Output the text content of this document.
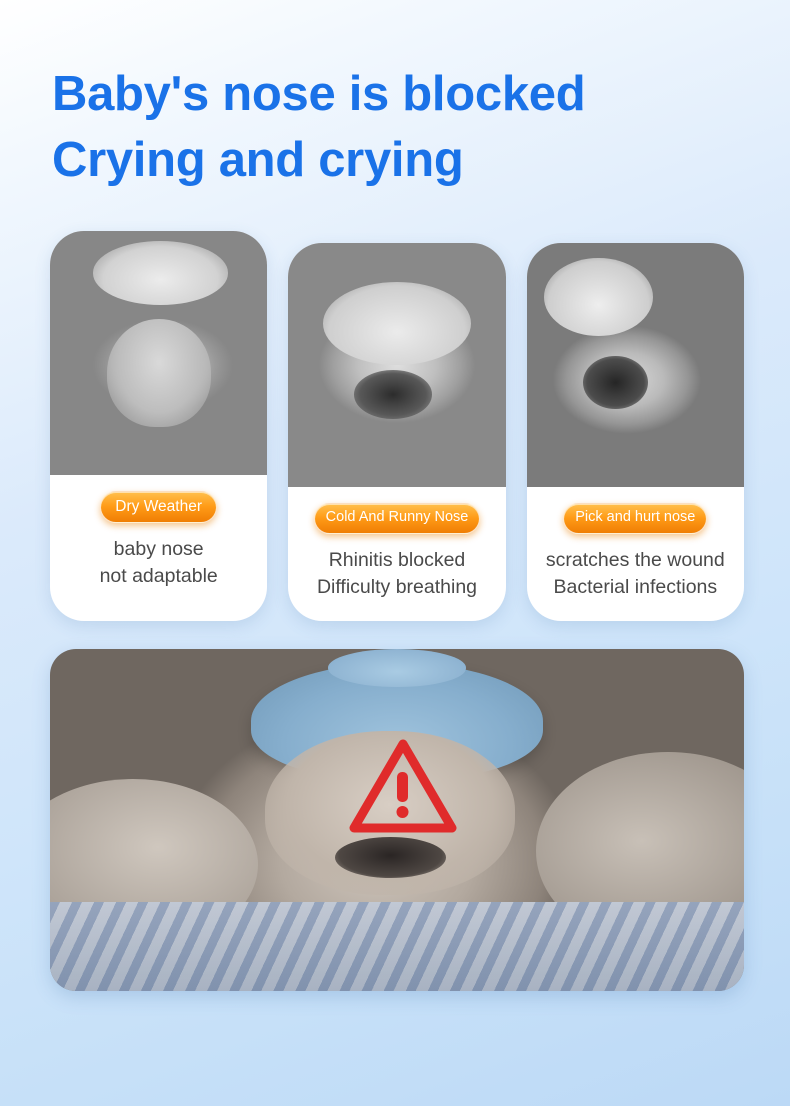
Baby's nose is blocked
Crying and crying
Dry Weather
baby nose
not adaptable
Cold And Runny Nose
Rhinitis blocked
Difficulty breathing
Pick and hurt nose
scratches the wound
Bacterial infections
